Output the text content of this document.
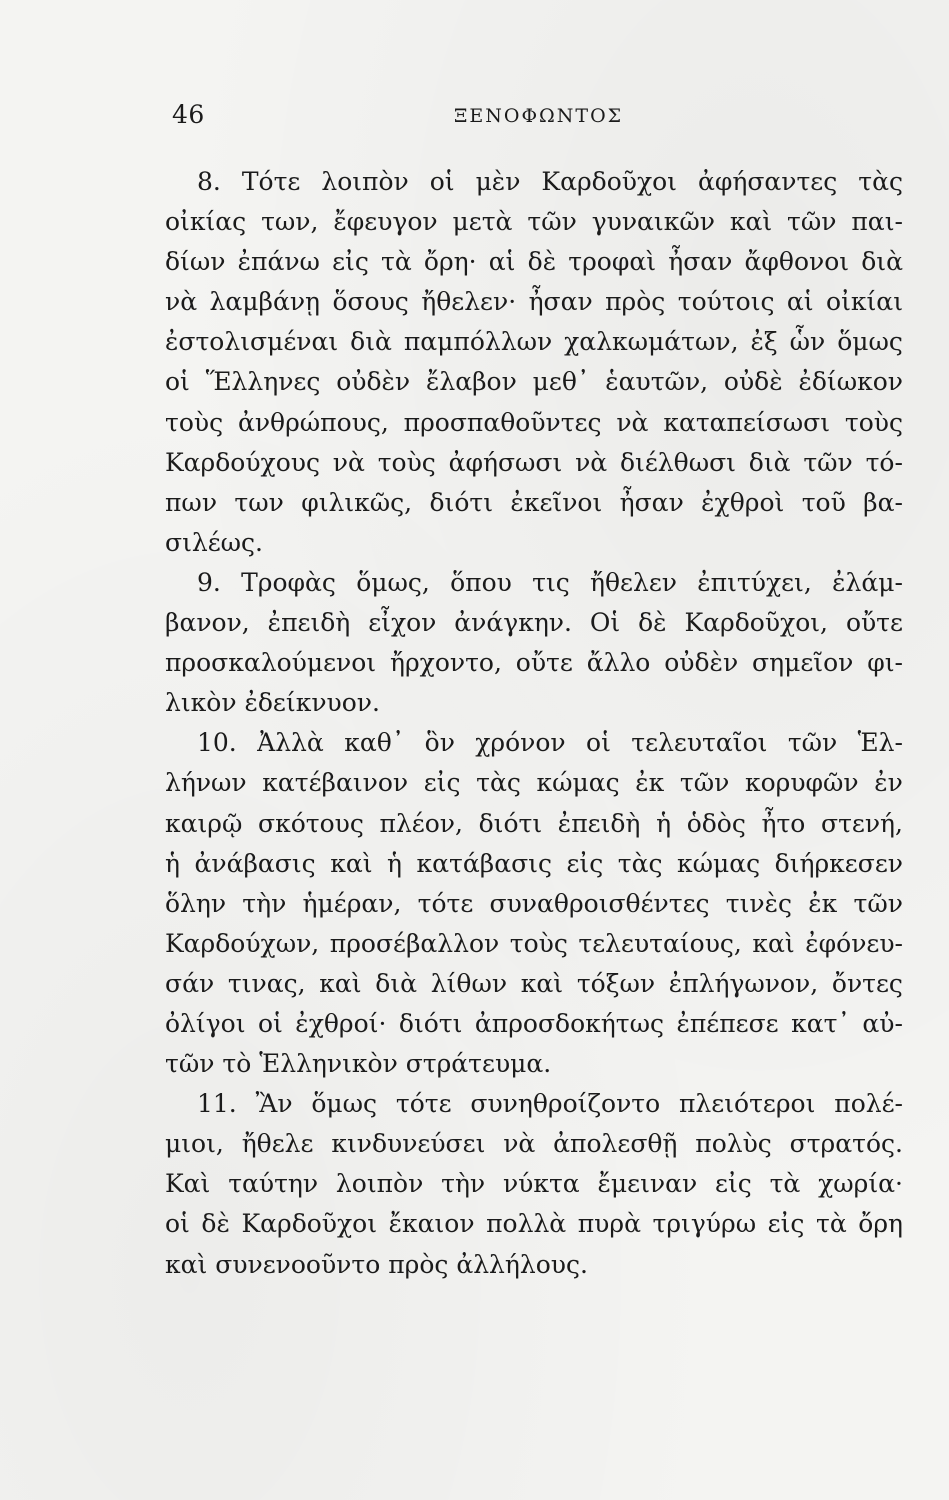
46	ΞΕΝΟΦΩΝΤΟΣ
8. Τότε λοιπὸν οἱ μὲν Καρδοῦχοι ἀφήσαντες τὰς
οἰκίας των, ἔφευγον μετὰ τῶν γυναικῶν καὶ τῶν παι-
δίων ἐπάνω εἰς τὰ ὄρη· αἱ δὲ τροφαὶ ἦσαν ἄφθονοι διὰ
νὰ λαμβάνῃ ὅσους ἤθελεν· ἦσαν πρὸς τούτοις αἱ οἰκίαι
ἐστολισμέναι διὰ παμπόλλων χαλκωμάτων, ἐξ ὧν ὅμως
οἱ Ἕλληνες οὐδὲν ἔλαβον μεθ᾽ ἑαυτῶν, οὐδὲ ἐδίωκον
τοὺς ἀνθρώπους, προσπαθοῦντες νὰ καταπείσωσι τοὺς
Καρδούχους νὰ τοὺς ἀφήσωσι νὰ διέλθωσι διὰ τῶν τό-
πων των φιλικῶς, διότι ἐκεῖνοι ἦσαν ἐχθροὶ τοῦ βα-
σιλέως.
9. Τροφὰς ὅμως, ὅπου τις ἤθελεν ἐπιτύχει, ἐλάμ-
βανον, ἐπειδὴ εἶχον ἀνάγκην. Οἱ δὲ Καρδοῦχοι, οὔτε
προσκαλούμενοι ἤρχοντο, οὔτε ἄλλο οὐδὲν σημεῖον φι-
λικὸν ἐδείκνυον.
10. Ἀλλὰ καθ᾽ ὃν χρόνον οἱ τελευταῖοι τῶν Ἑλ-
λήνων κατέβαινον εἰς τὰς κώμας ἐκ τῶν κορυφῶν ἐν
καιρῷ σκότους πλέον, διότι ἐπειδὴ ἡ ὁδὸς ἦτο στενή,
ἡ ἀνάβασις καὶ ἡ κατάβασις εἰς τὰς κώμας διήρκεσεν
ὅλην τὴν ἡμέραν, τότε συναθροισθέντες τινὲς ἐκ τῶν
Καρδούχων, προσέβαλλον τοὺς τελευταίους, καὶ ἐφόνευ-
σάν τινας, καὶ διὰ λίθων καὶ τόξων ἐπλήγωνον, ὄντες
ὀλίγοι οἱ ἐχθροί· διότι ἀπροσδοκήτως ἐπέπεσε κατ᾽ αὐ-
τῶν τὸ Ἑλληνικὸν στράτευμα.
11. Ἂν ὅμως τότε συνηθροίζοντο πλειότεροι πολέ-
μιοι, ἤθελε κινδυνεύσει νὰ ἀπολεσθῇ πολὺς στρατός.
Καὶ ταύτην λοιπὸν τὴν νύκτα ἔμειναν εἰς τὰ χωρία·
οἱ δὲ Καρδοῦχοι ἔκαιον πολλὰ πυρὰ τριγύρω εἰς τὰ ὄρη
καὶ συνενοοῦντο πρὸς ἀλλήλους.
